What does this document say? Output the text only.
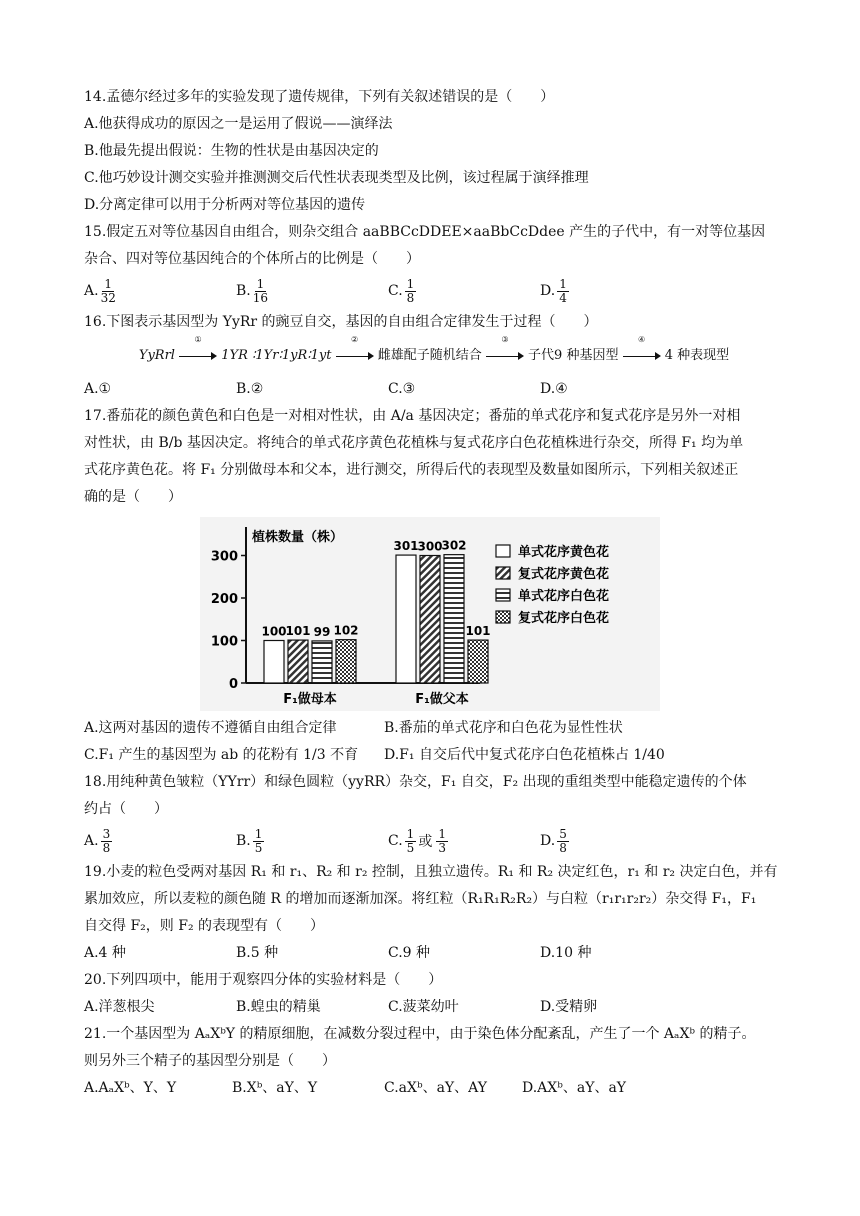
14.孟德尔经过多年的实验发现了遗传规律，下列有关叙述错误的是（　　）
A.他获得成功的原因之一是运用了假说——演绎法
B.他最先提出假说：生物的性状是由基因决定的
C.他巧妙设计测交实验并推测测交后代性状表现类型及比例，该过程属于演绎推理
D.分离定律可以用于分析两对等位基因的遗传
15.假定五对等位基因自由组合，则杂交组合 aaBBCcDDEE×aaBbCcDdee 产生的子代中，有一对等位基因
杂合、四对等位基因纯合的个体所占的比例是（　　）
A. $\frac{1}{32}$	B. $\frac{1}{16}$	C. $\frac{1}{8}$	D. $\frac{1}{4}$
16.下图表示基因型为 YyRr 的豌豆自交，基因的自由组合定律发生于过程（　　）
YyRrl
①
1YR ∶1Yr∶1yR∶1yt
②
雌雄配子随机结合
③
子代9 种基因型
④
4 种表现型
A.①	B.②	C.③	D.④
17.番茄花的颜色黄色和白色是一对相对性状，由 A/a 基因决定；番茄的单式花序和复式花序是另外一对相
对性状，由 B/b 基因决定。将纯合的单式花序黄色花植株与复式花序白色花植株进行杂交，所得 F₁ 均为单
式花序黄色花。将 F₁ 分别做母本和父本，进行测交，所得后代的表现型及数量如图所示，下列相关叙述正
确的是（　　）
植株数量（株）
0
100
200
300
100
101 99 102
F₁做母本
301
300
302
101
F₁做父本
单式花序黄色花
复式花序黄色花
单式花序白色花
复式花序白色花
A.这两对基因的遗传不遵循自由组合定律	B.番茄的单式花序和白色花为显性性状
C.F₁ 产生的基因型为 ab 的花粉有 1/3 不育	D.F₁ 自交后代中复式花序白色花植株占 1/40
18.用纯种黄色皱粒（YYrr）和绿色圆粒（yyRR）杂交，F₁ 自交，F₂ 出现的重组类型中能稳定遗传的个体
约占（　　）
A. $\frac{3}{8}$	B. $\frac{1}{5}$	C. $\frac{1}{5}$ 或 $\frac{1}{3}$	D. $\frac{5}{8}$
19.小麦的粒色受两对基因 R₁ 和 r₁、R₂ 和 r₂ 控制，且独立遗传。R₁ 和 R₂ 决定红色，r₁ 和 r₂ 决定白色，并有
累加效应，所以麦粒的颜色随 R 的增加而逐渐加深。将红粒（R₁R₁R₂R₂）与白粒（r₁r₁r₂r₂）杂交得 F₁，F₁
自交得 F₂，则 F₂ 的表现型有（　　）
A.4 种	B.5 种	C.9 种	D.10 种
20.下列四项中，能用于观察四分体的实验材料是（　　）
A.洋葱根尖	B.蝗虫的精巢	C.菠菜幼叶	D.受精卵
21.一个基因型为 AₐXᵇY 的精原细胞，在减数分裂过程中，由于染色体分配紊乱，产生了一个 AₐXᵇ 的精子。
则另外三个精子的基因型分别是（　　）
A.AₐXᵇ、Y、Y	B.Xᵇ、aY、Y	C.aXᵇ、aY、AY	D.AXᵇ、aY、aY
